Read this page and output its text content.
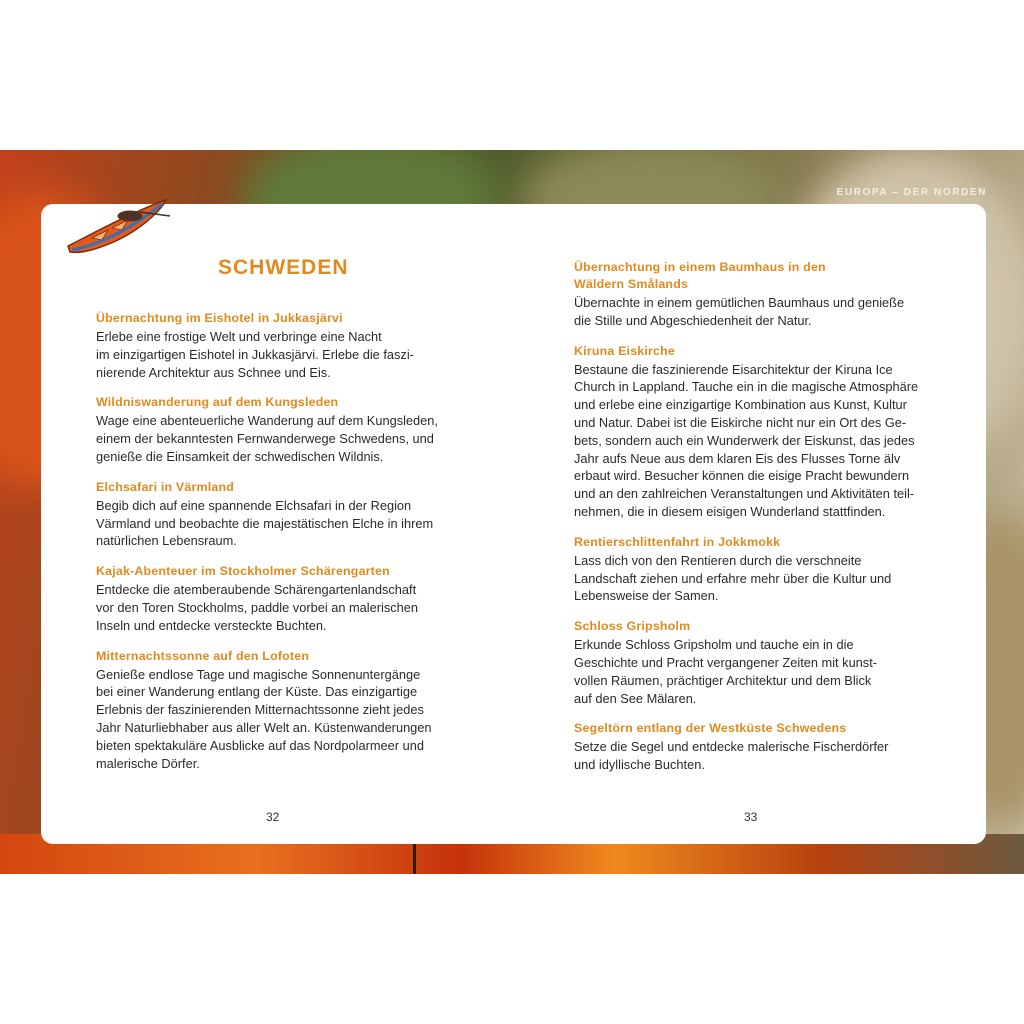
EUROPA – DER NORDEN
SCHWEDEN
Übernachtung im Eishotel in Jukkasjärvi

Erlebe eine frostige Welt und verbringe eine Nacht
im einzigartigen Eishotel in Jukkasjärvi. Erlebe die faszi-
nierende Architektur aus Schnee und Eis.

Wildniswanderung auf dem Kungsleden

Wage eine abenteuerliche Wanderung auf dem Kungsleden,
einem der bekanntesten Fernwanderwege Schwedens, und
genieße die Einsamkeit der schwedischen Wildnis.

Elchsafari in Värmland

Begib dich auf eine spannende Elchsafari in der Region
Värmland und beobachte die majestätischen Elche in ihrem
natürlichen Lebensraum.

Kajak-Abenteuer im Stockholmer Schärengarten

Entdecke die atemberaubende Schärengartenlandschaft
vor den Toren Stockholms, paddle vorbei an malerischen
Inseln und entdecke versteckte Buchten.

Mitternachtssonne auf den Lofoten

Genieße endlose Tage und magische Sonnenuntergänge
bei einer Wanderung entlang der Küste. Das einzigartige
Erlebnis der faszinierenden Mitternachtssonne zieht jedes
Jahr Naturliebhaber aus aller Welt an. Küstenwanderungen
bieten spektakuläre Ausblicke auf das Nordpolarmeer und
malerische Dörfer.

Übernachtung in einem Baumhaus in den
Wäldern Smålands

Übernachte in einem gemütlichen Baumhaus und genieße
die Stille und Abgeschiedenheit der Natur.

Kiruna Eiskirche

Bestaune die faszinierende Eisarchitektur der Kiruna Ice
Church in Lappland. Tauche ein in die magische Atmosphäre
und erlebe eine einzigartige Kombination aus Kunst, Kultur
und Natur. Dabei ist die Eiskirche nicht nur ein Ort des Ge-
bets, sondern auch ein Wunderwerk der Eiskunst, das jedes
Jahr aufs Neue aus dem klaren Eis des Flusses Torne älv
erbaut wird. Besucher können die eisige Pracht bewundern
und an den zahlreichen Veranstaltungen und Aktivitäten teil-
nehmen, die in diesem eisigen Wunderland stattfinden.

Rentierschlittenfahrt in Jokkmokk

Lass dich von den Rentieren durch die verschneite
Landschaft ziehen und erfahre mehr über die Kultur und
Lebensweise der Samen.

Schloss Gripsholm

Erkunde Schloss Gripsholm und tauche ein in die
Geschichte und Pracht vergangener Zeiten mit kunst-
vollen Räumen, prächtiger Architektur und dem Blick
auf den See Mälaren.

Segeltörn entlang der Westküste Schwedens

Setze die Segel und entdecke malerische Fischerdörfer
und idyllische Buchten.

32	33
